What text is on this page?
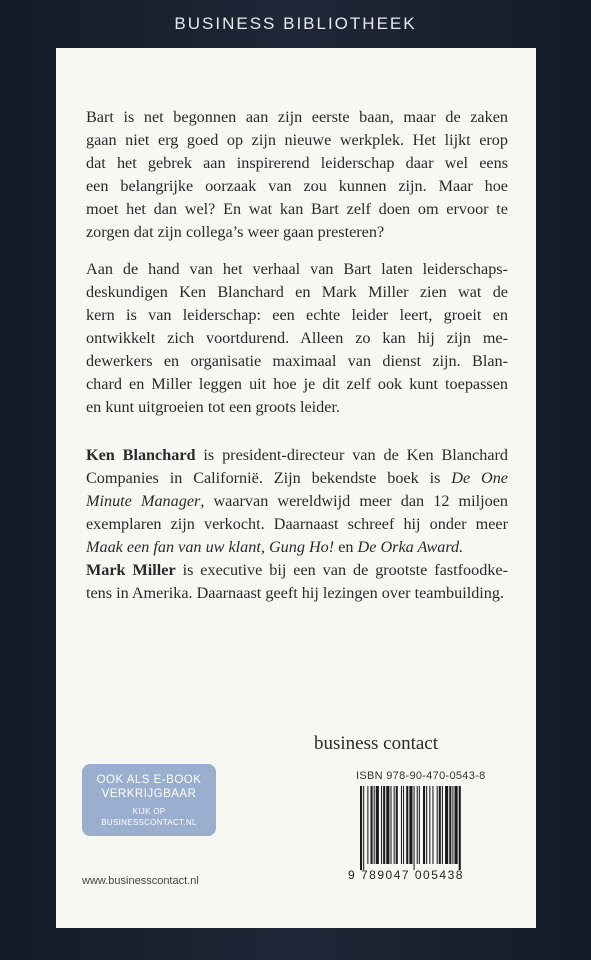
BUSINESS BIBLIOTHEEK
Bart is net begonnen aan zijn eerste baan, maar de zaken
gaan niet erg goed op zijn nieuwe werkplek. Het lijkt erop
dat het gebrek aan inspirerend leiderschap daar wel eens
een belangrijke oorzaak van zou kunnen zijn. Maar hoe
moet het dan wel? En wat kan Bart zelf doen om ervoor te
zorgen dat zijn collega’s weer gaan presteren?
Aan de hand van het verhaal van Bart laten leiderschaps-
deskundigen Ken Blanchard en Mark Miller zien wat de
kern is van leiderschap: een echte leider leert, groeit en
ontwikkelt zich voortdurend. Alleen zo kan hij zijn me-
dewerkers en organisatie maximaal van dienst zijn. Blan-
chard en Miller leggen uit hoe je dit zelf ook kunt toepassen
en kunt uitgroeien tot een groots leider.
Ken Blanchard is president-directeur van de Ken Blanchard
Companies in Californië. Zijn bekendste boek is De One
Minute Manager, waarvan wereldwijd meer dan 12 miljoen
exemplaren zijn verkocht. Daarnaast schreef hij onder meer
Maak een fan van uw klant, Gung Ho! en De Orka Award.
Mark Miller is executive bij een van de grootste fastfoodke-
tens in Amerika. Daarnaast geeft hij lezingen over teambuilding.
business contact
OOK ALS E-BOOK
VERKRIJGBAAR
KIJK OP
BUSINESSCONTACT.NL
ISBN 978-90-470-0543-8
9 789047 005438
www.businesscontact.nl
